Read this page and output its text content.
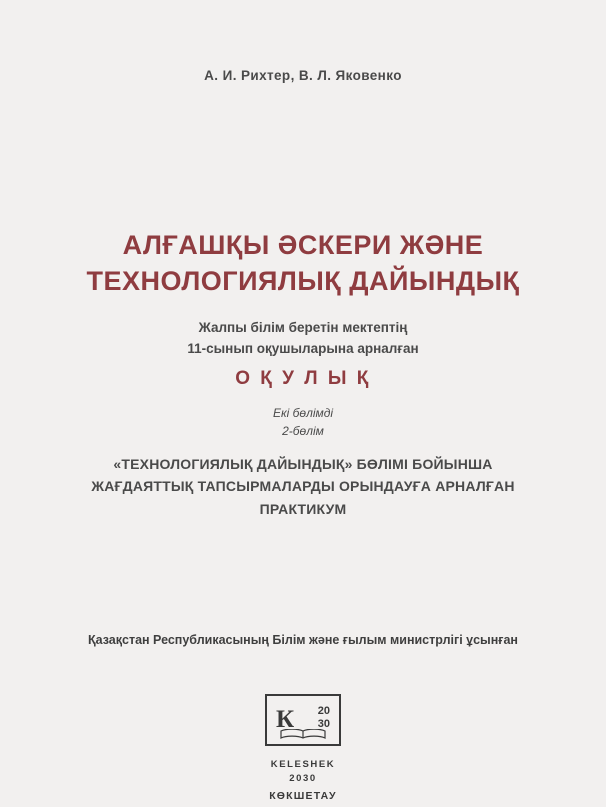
А. И. Рихтер, В. Л. Яковенко
АЛҒАШҚЫ ӘСКЕРИ ЖӘНЕ
ТЕХНОЛОГИЯЛЫҚ ДАЙЫНДЫҚ
Жалпы білім беретін мектептің
11-сынып оқушыларына арналған
О Қ У Л Ы Қ
Екі бөлімді
2-бөлім
«ТЕХНОЛОГИЯЛЫҚ ДАЙЫНДЫҚ» БӨЛІМІ БОЙЫНША
ЖАҒДАЯТТЫҚ ТАПСЫРМАЛАРДЫ ОРЫНДАУҒА АРНАЛҒАН
ПРАКТИКУМ
Қазақстан Республикасының Білім және ғылым министрлігі ұсынған
К 20
30
KELESHEK
2030
КӨКШЕТАУ
